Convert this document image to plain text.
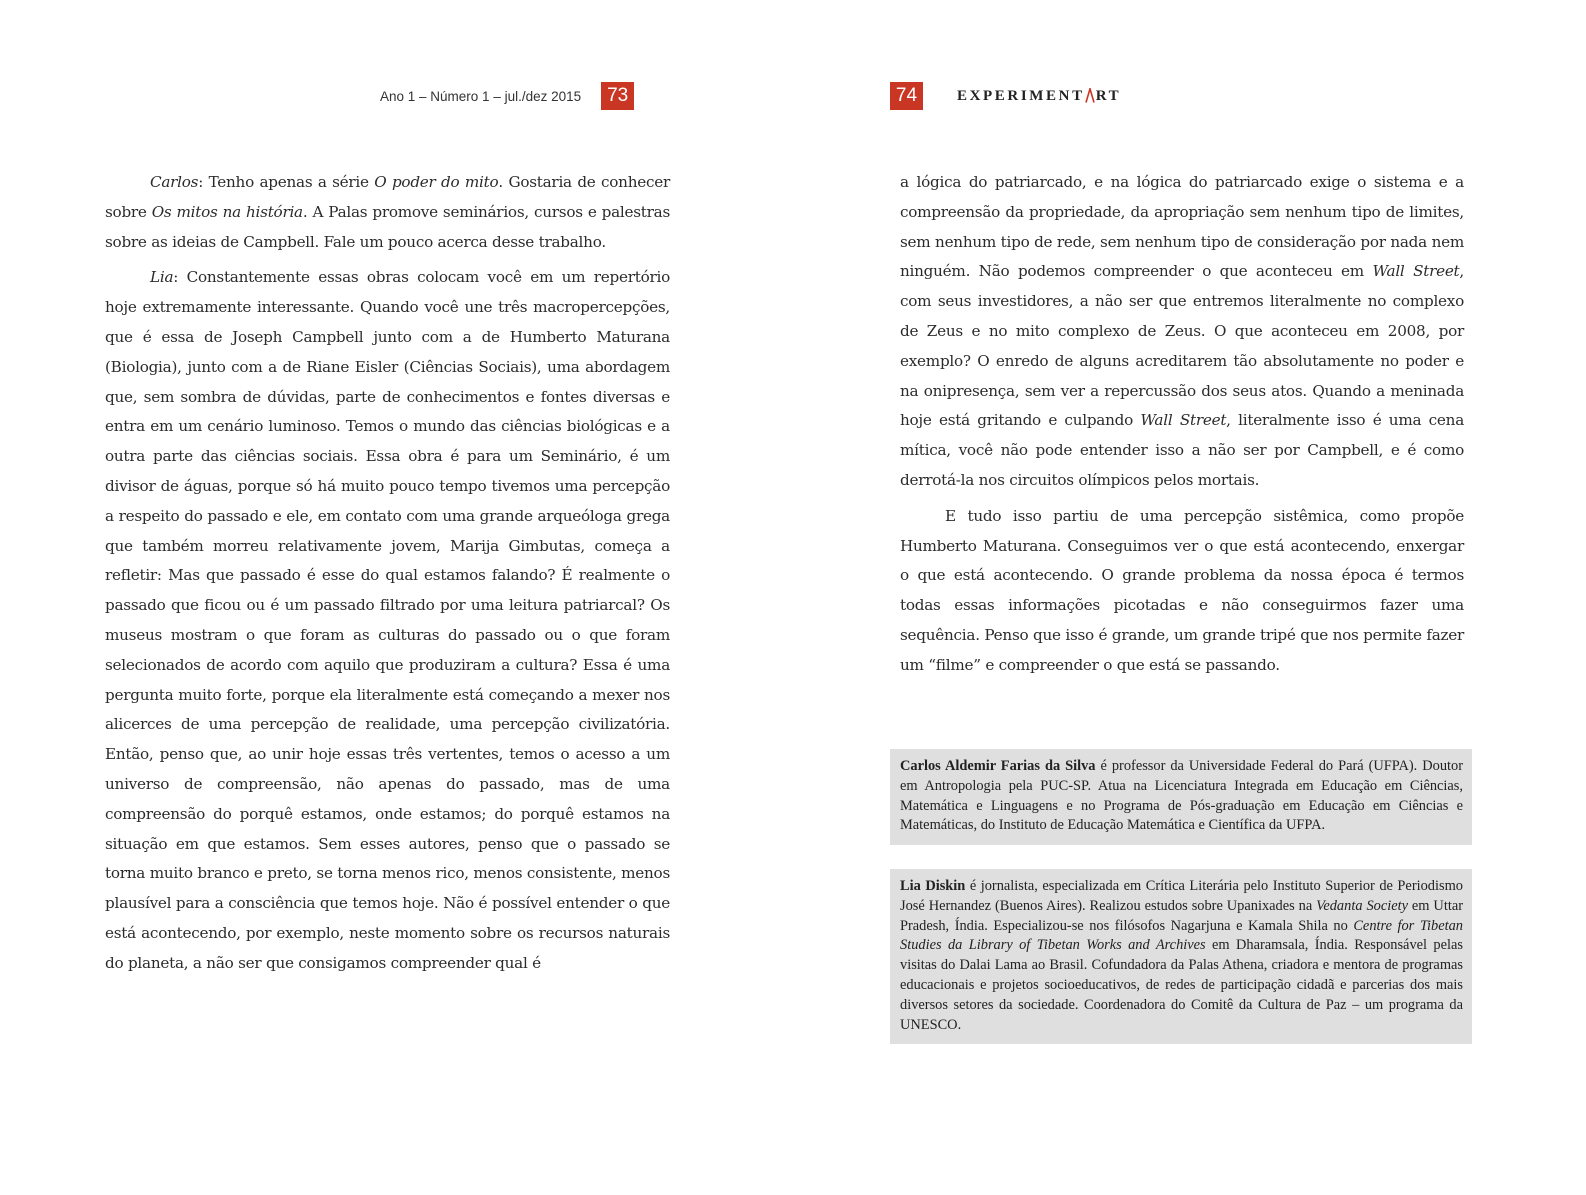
Ano 1 – Número 1 – jul./dez 2015	73

Carlos: Tenho apenas a série O poder do mito. Gostaria de conhecer sobre Os mitos na história. A Palas promove seminários, cursos e palestras sobre as ideias de Campbell. Fale um pouco acerca desse trabalho.

Lia: Constantemente essas obras colocam você em um repertório hoje extremamente interessante. Quando você une três macropercepções, que é essa de Joseph Campbell junto com a de Humberto Maturana (Biologia), junto com a de Riane Eisler (Ciências Sociais), uma abordagem que, sem sombra de dúvidas, parte de conhecimentos e fontes diversas e entra em um cenário luminoso. Temos o mundo das ciências biológicas e a outra parte das ciências sociais. Essa obra é para um Seminário, é um divisor de águas, porque só há muito pouco tempo tivemos uma percepção a respeito do passado e ele, em contato com uma grande arqueóloga grega que também morreu relativamente jovem, Marija Gimbutas, começa a refletir: Mas que passado é esse do qual estamos falando? É realmente o passado que ficou ou é um passado filtrado por uma leitura patriarcal? Os museus mostram o que foram as culturas do passado ou o que foram selecionados de acordo com aquilo que produziram a cultura? Essa é uma pergunta muito forte, porque ela literalmente está começando a mexer nos alicerces de uma percepção de realidade, uma percepção civilizatória. Então, penso que, ao unir hoje essas três vertentes, temos o acesso a um universo de compreensão, não apenas do passado, mas de uma compreensão do porquê estamos, onde estamos; do porquê estamos na situação em que estamos. Sem esses autores, penso que o passado se torna muito branco e preto, se torna menos rico, menos consistente, menos plausível para a consciência que temos hoje. Não é possível entender o que está acontecendo, por exemplo, neste momento sobre os recursos naturais do planeta, a não ser que consigamos compreender qual é

74	EXPERIMENT RT

a lógica do patriarcado, e na lógica do patriarcado exige o sistema e a compreensão da propriedade, da apropriação sem nenhum tipo de limites, sem nenhum tipo de rede, sem nenhum tipo de consideração por nada nem ninguém. Não podemos compreender o que aconteceu em Wall Street, com seus investidores, a não ser que entremos literalmente no complexo de Zeus e no mito complexo de Zeus. O que aconteceu em 2008, por exemplo? O enredo de alguns acreditarem tão absolutamente no poder e na onipresença, sem ver a repercussão dos seus atos. Quando a meninada hoje está gritando e culpando Wall Street, literalmente isso é uma cena mítica, você não pode entender isso a não ser por Campbell, e é como derrotá-la nos circuitos olímpicos pelos mortais.

E tudo isso partiu de uma percepção sistêmica, como propõe Humberto Maturana. Conseguimos ver o que está acontecendo, enxergar o que está acontecendo. O grande problema da nossa época é termos todas essas informações picotadas e não conseguirmos fazer uma sequência. Penso que isso é grande, um grande tripé que nos permite fazer um “filme” e compreender o que está se passando.

Carlos Aldemir Farias da Silva é professor da Universidade Federal do Pará (UFPA). Doutor em Antropologia pela PUC-SP. Atua na Licenciatura Integrada em Educação em Ciências, Matemática e Linguagens e no Programa de Pós-graduação em Educação em Ciências e Matemáticas, do Instituto de Educação Matemática e Científica da UFPA.
Lia Diskin é jornalista, especializada em Crítica Literária pelo Instituto Superior de Periodismo José Hernandez (Buenos Aires). Realizou estudos sobre Upanixades na Vedanta Society em Uttar Pradesh, Índia. Especializou-se nos filósofos Nagarjuna e Kamala Shila no Centre for Tibetan Studies da Library of Tibetan Works and Archives em Dharamsala, Índia. Responsável pelas visitas do Dalai Lama ao Brasil. Cofundadora da Palas Athena, criadora e mentora de programas educacionais e projetos socioeducativos, de redes de participação cidadã e parcerias dos mais diversos setores da sociedade. Coordenadora do Comitê da Cultura de Paz – um programa da UNESCO.
